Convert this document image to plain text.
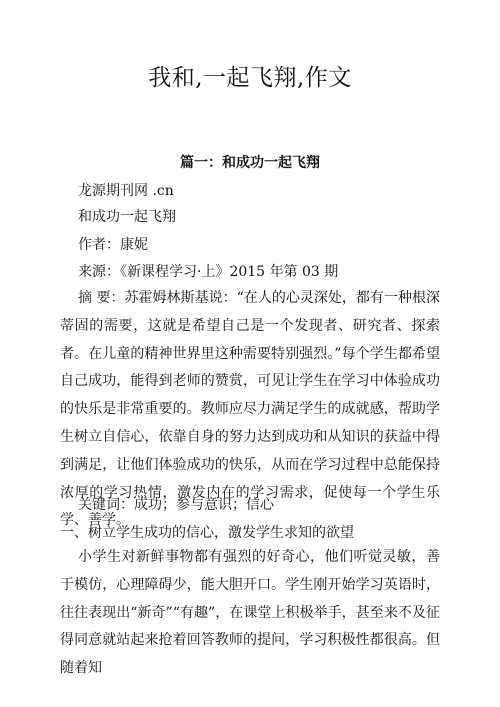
我和,一起飞翔,作文
篇一：和成功一起飞翔

龙源期刊网 .cn

和成功一起飞翔

作者：康妮

来源：《新课程学习·上》2015 年第 03 期

摘 要：苏霍姆林斯基说：“在人的心灵深处，都有一种根深蒂固的需要，这就是希望自己是一个发现者、研究者、探索者。在儿童的精神世界里这种需要特别强烈。”每个学生都希望自己成功，能得到老师的赞赏，可见让学生在学习中体验成功的快乐是非常重要的。教师应尽力满足学生的成就感，帮助学生树立自信心，依靠自身的努力达到成功和从知识的获益中得到满足，让他们体验成功的快乐，从而在学习过程中总能保持浓厚的学习热情，激发内在的学习需求，促使每一个学生乐学、善学。

关键词：成功；参与意识；信心

一、树立学生成功的信心，激发学生求知的欲望

小学生对新鲜事物都有强烈的好奇心，他们听觉灵敏，善于模仿，心理障碍少，能大胆开口。学生刚开始学习英语时，往往表现出“新奇”“有趣”，在课堂上积极举手，甚至来不及征得同意就站起来抢着回答教师的提问，学习积极性都很高。但随着知
